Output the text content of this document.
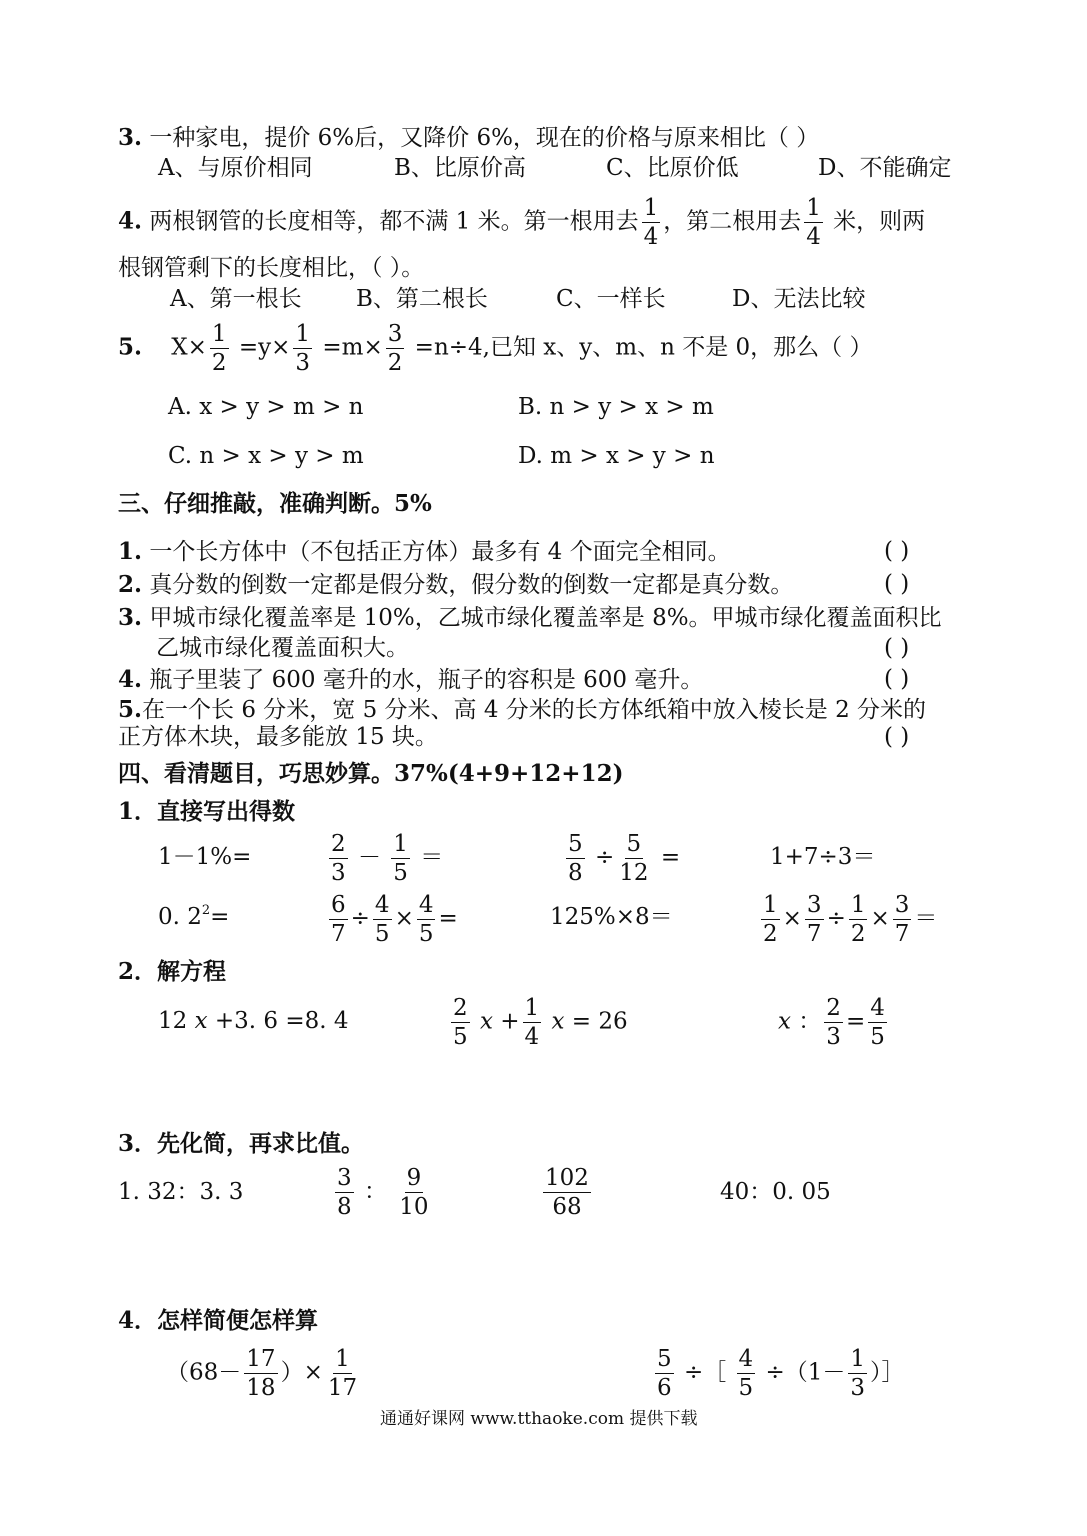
3. 一种家电，提价 6%后，又降价 6%，现在的价格与原来相比（ ）
A、与原价相同	B、比原价高	C、比原价低	D、不能确定
4. 两根钢管的长度相等，都不满 1 米。第一根用去 $\frac{1}{4}$ ，第二根用去 $\frac{1}{4}$ 米，则两
根钢管剩下的长度相比，（ ）。
A、第一根长 B、第二根长	C、一样长	D、无法比较
5. $X\times \frac{1}{2} =y\times \frac{1}{3} =m\times \frac{3}{2} =n\div 4$,已知 x、y、m、n 不是 0，那么（ ）
A. x > y > m > n	B. n > y > x > m
C. n > x > y > m	D. m > x > y > n
三、仔细推敲，准确判断。5%
1. 一个长方体中（不包括正方体）最多有 4 个面完全相同。	( )
2. 真分数的倒数一定都是假分数，假分数的倒数一定都是真分数。	( )
3. 甲城市绿化覆盖率是 10%，乙城市绿化覆盖率是 8%。甲城市绿化覆盖面积比
乙城市绿化覆盖面积大。	( )
4. 瓶子里装了 600 毫升的水，瓶子的容积是 600 毫升。	( )
5.在一个长 6 分米，宽 5 分米、高 4 分米的长方体纸箱中放入棱长是 2 分米的
正方体木块，最多能放 15 块。	( )
四、看清题目，巧思妙算。37%(4+9+12+12)
1．直接写出得数
1－1%=	$\frac{2}{3} - \frac{1}{5}$ ＝	$\frac{5}{8} \div \frac{5}{12}$ =	1+7÷3＝
0. $2^2=$	$\frac{6}{7} \div \frac{4}{5} \times \frac{4}{5}$ =	125%×8＝	$\frac{1}{2} \times \frac{3}{7} \div \frac{1}{2} \times \frac{3}{7}$ ＝
2．解方程
12 x +3. 6 =8. 4	$\frac{2}{5}$ $x + \frac{1}{4}$ x = 26	x ： $\frac{2}{3} = \frac{4}{5}$
3．先化简，再求比值。
1. 32：3. 3	$\frac{3}{8}$ ： $\frac{9}{10}$	$\frac{102}{68}$	40：0. 05
4．怎样简便怎样算
（$68- \frac{17}{18}$ ）× $\frac{1}{17}$	$\frac{5}{6}$ ÷［ $\frac{4}{5} \div(1- \frac{1}{3}$ ）］
通通好课网 www.tthaoke.com 提供下载
